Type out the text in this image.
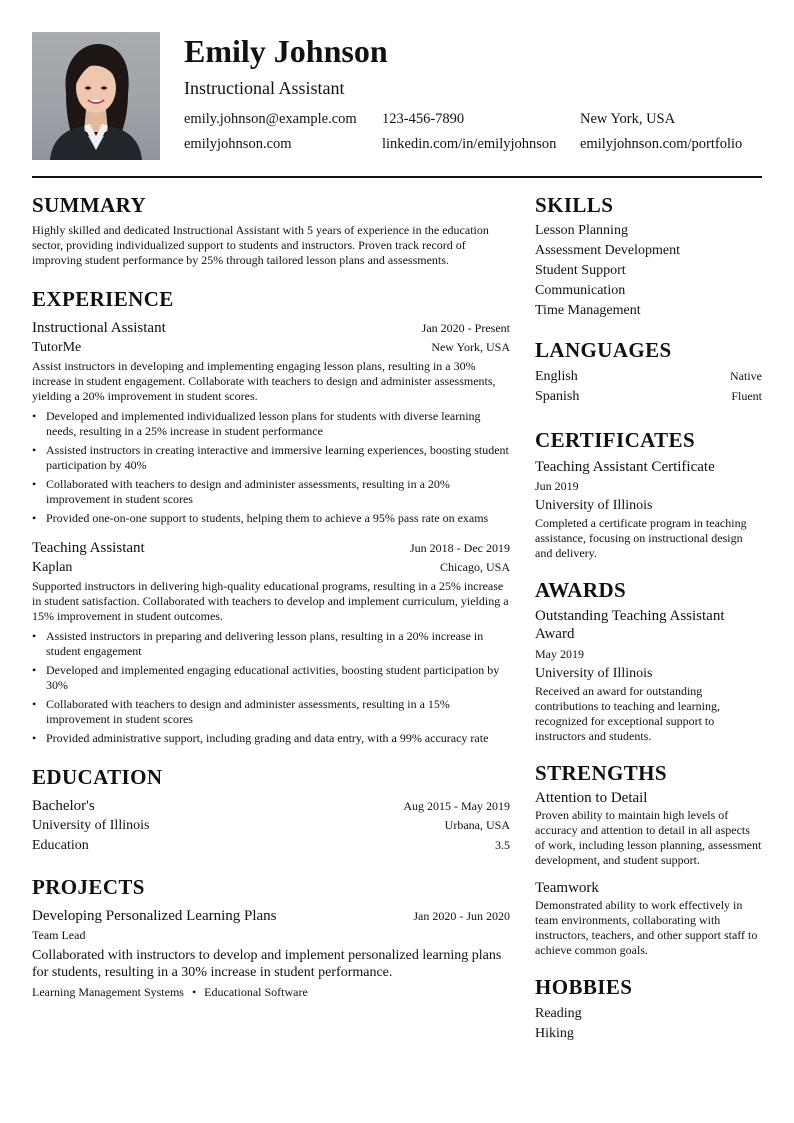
Emily Johnson
Instructional Assistant
emily.johnson@example.com	123-456-7890	New York, USA
emilyjohnson.com	linkedin.com/in/emilyjohnson	emilyjohnson.com/portfolio
SUMMARY
Highly skilled and dedicated Instructional Assistant with 5 years of experience in the education sector, providing individualized support to students and instructors. Proven track record of improving student performance by 25% through tailored lesson plans and assessments.
EXPERIENCE
Instructional Assistant	Jan 2020 - Present
TutorMe	New York, USA
Assist instructors in developing and implementing engaging lesson plans, resulting in a 30% increase in student engagement. Collaborate with teachers to design and administer assessments, yielding a 20% improvement in student scores.
• Developed and implemented individualized lesson plans for students with diverse learning needs, resulting in a 25% increase in student performance
• Assisted instructors in creating interactive and immersive learning experiences, boosting student participation by 40%
• Collaborated with teachers to design and administer assessments, resulting in a 20% improvement in student scores
• Provided one-on-one support to students, helping them to achieve a 95% pass rate on exams
Teaching Assistant	Jun 2018 - Dec 2019
Kaplan	Chicago, USA
Supported instructors in delivering high-quality educational programs, resulting in a 25% increase in student satisfaction. Collaborated with teachers to develop and implement curriculum, yielding a 15% improvement in student outcomes.
• Assisted instructors in preparing and delivering lesson plans, resulting in a 20% increase in student engagement
• Developed and implemented engaging educational activities, boosting student participation by 30%
• Collaborated with teachers to design and administer assessments, resulting in a 15% improvement in student scores
• Provided administrative support, including grading and data entry, with a 99% accuracy rate
EDUCATION
Bachelor's	Aug 2015 - May 2019
University of Illinois	Urbana, USA
Education	3.5
PROJECTS
Developing Personalized Learning Plans	Jan 2020 - Jun 2020
Team Lead
Collaborated with instructors to develop and implement personalized learning plans for students, resulting in a 30% increase in student performance.
Learning Management Systems • Educational Software
SKILLS
Lesson Planning
Assessment Development
Student Support
Communication
Time Management
LANGUAGES
English	Native
Spanish	Fluent
CERTIFICATES
Teaching Assistant Certificate
Jun 2019
University of Illinois
Completed a certificate program in teaching assistance, focusing on instructional design and delivery.
AWARDS
Outstanding Teaching Assistant Award
May 2019
University of Illinois
Received an award for outstanding contributions to teaching and learning, recognized for exceptional support to instructors and students.
STRENGTHS
Attention to Detail
Proven ability to maintain high levels of accuracy and attention to detail in all aspects of work, including lesson planning, assessment development, and student support.
Teamwork
Demonstrated ability to work effectively in team environments, collaborating with instructors, teachers, and other support staff to achieve common goals.
HOBBIES
Reading
Hiking
